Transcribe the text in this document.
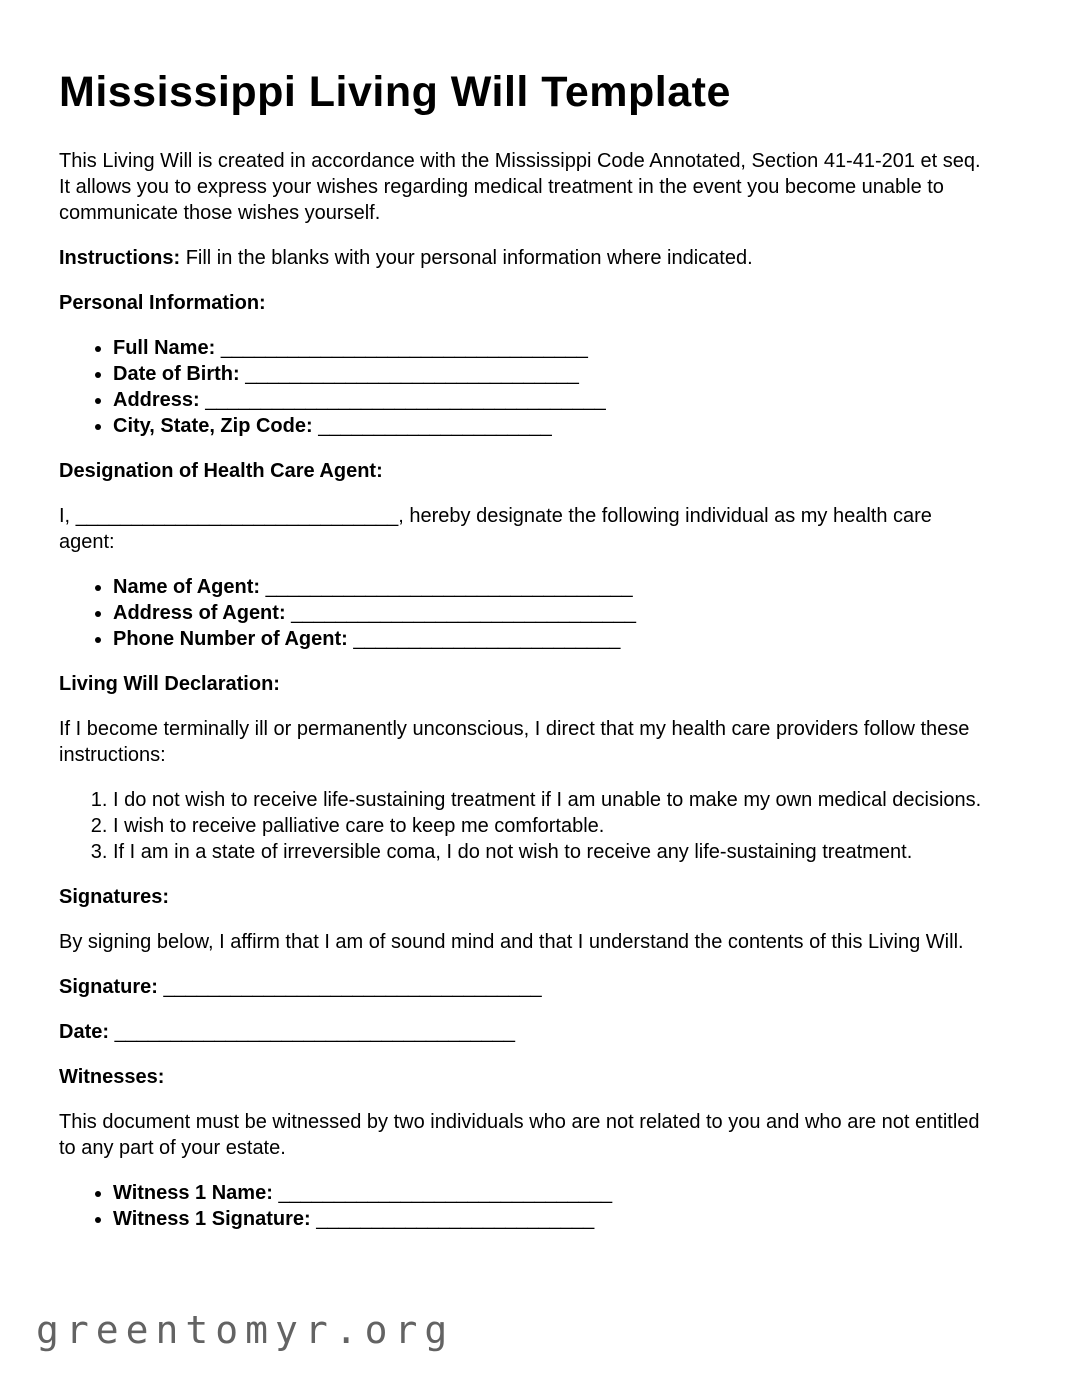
Mississippi Living Will Template

This Living Will is created in accordance with the Mississippi Code Annotated, Section 41-41-201 et seq. It allows you to express your wishes regarding medical treatment in the event you become unable to communicate those wishes yourself.

Instructions: Fill in the blanks with your personal information where indicated.

Personal Information:
• Full Name: _________________________________
• Date of Birth: ______________________________
• Address: ____________________________________
• City, State, Zip Code: _____________________
Designation of Health Care Agent:

I, _____________________________, hereby designate the following individual as my health care agent:

• Name of Agent: _________________________________
• Address of Agent: _______________________________
• Phone Number of Agent: ________________________
Living Will Declaration:

If I become terminally ill or permanently unconscious, I direct that my health care providers follow these instructions:

1. I do not wish to receive life-sustaining treatment if I am unable to make my own medical decisions.
2. I wish to receive palliative care to keep me comfortable.
3. If I am in a state of irreversible coma, I do not wish to receive any life-sustaining treatment.
Signatures:

By signing below, I affirm that I am of sound mind and that I understand the contents of this Living Will.

Signature: __________________________________

Date: ____________________________________

Witnesses:

This document must be witnessed by two individuals who are not related to you and who are not entitled to any part of your estate.

• Witness 1 Name: ______________________________
• Witness 1 Signature: _________________________
greentomyr.org
